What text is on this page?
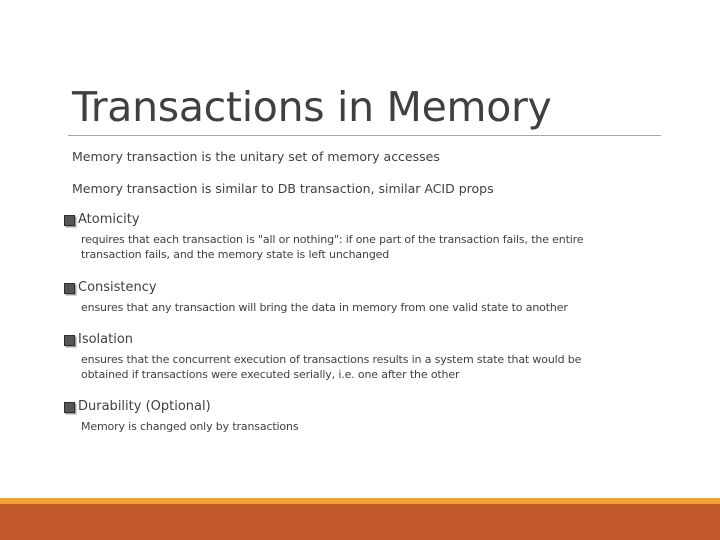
Transactions in Memory
Memory transaction is the unitary set of memory accesses
Memory transaction is similar to DB transaction, similar ACID props
Atomicity
requires that each transaction is "all or nothing": if one part of the transaction fails, the entire
transaction fails, and the memory state is left unchanged
Consistency
ensures that any transaction will bring the data in memory from one valid state to another
Isolation
ensures that the concurrent execution of transactions results in a system state that would be
obtained if transactions were executed serially, i.e. one after the other
Durability (Optional)
Memory is changed only by transactions
